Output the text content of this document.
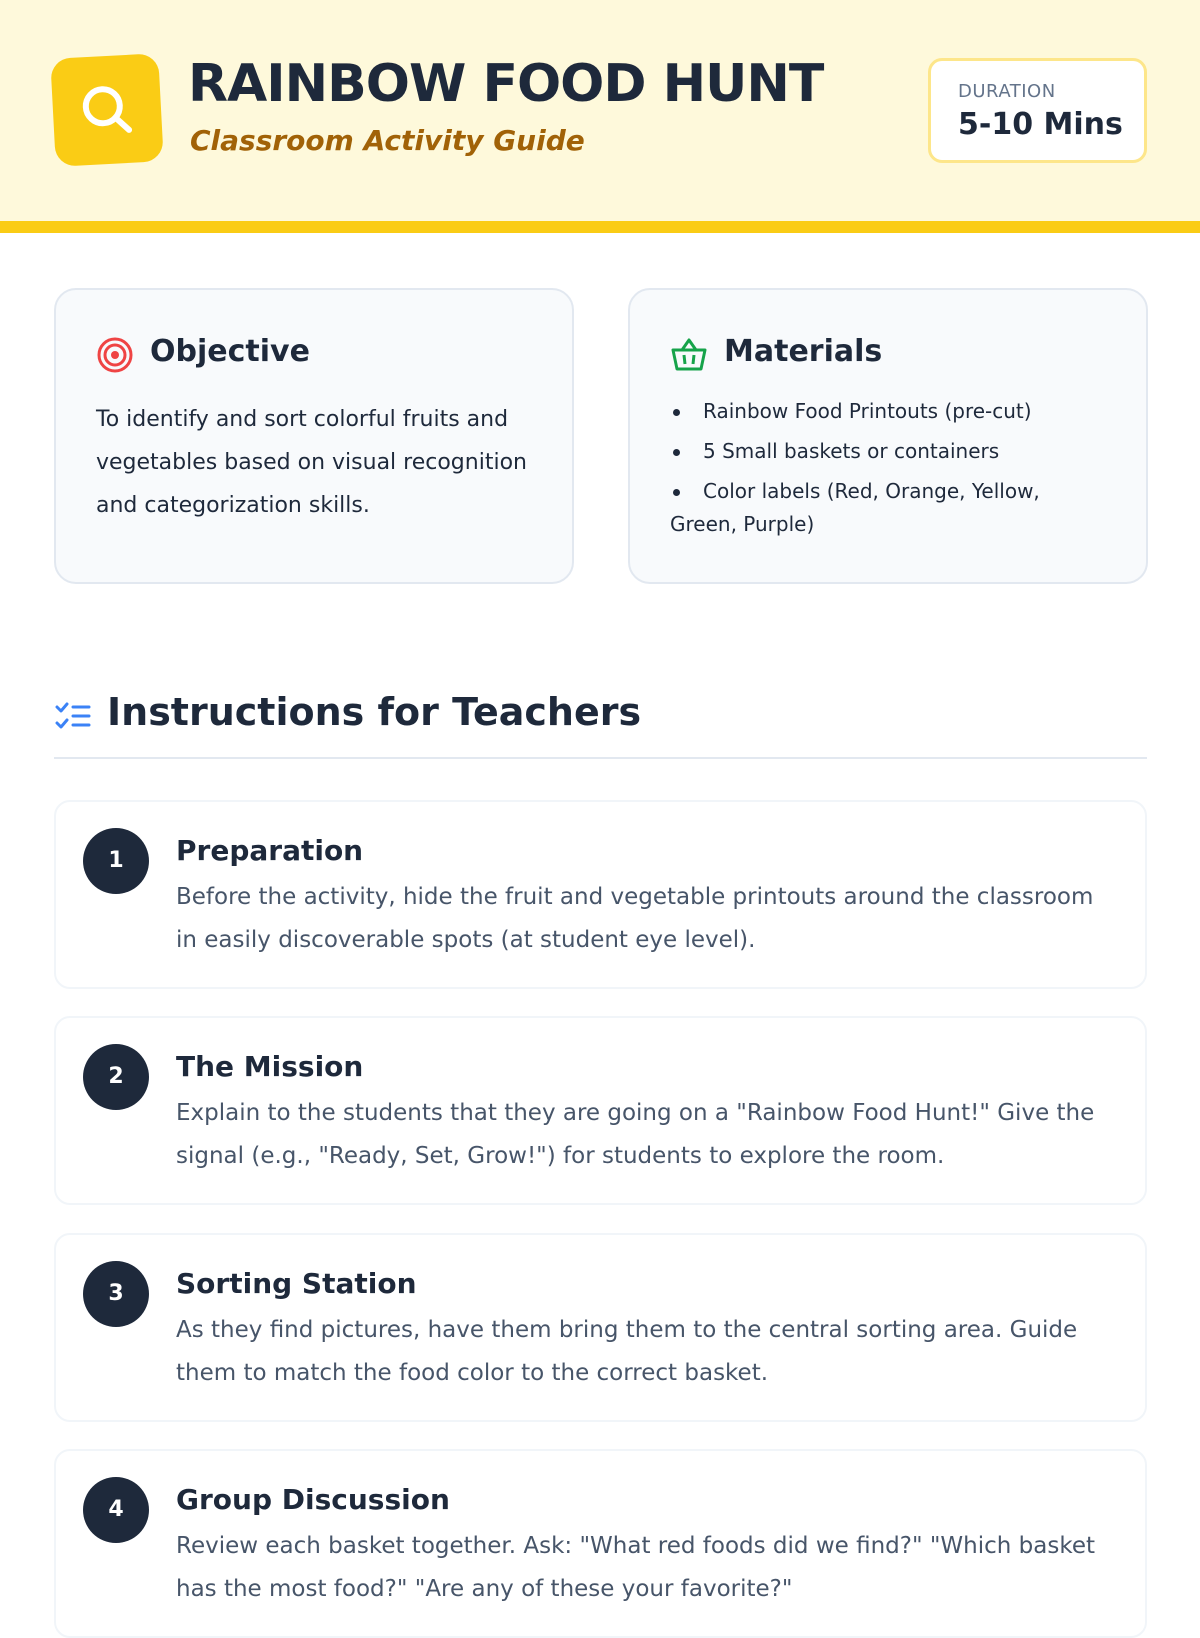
RAINBOW FOOD HUNT
Classroom Activity Guide
DURATION
5-10 Mins
Objective
To identify and sort colorful fruits and vegetables based on visual recognition and categorization skills.
Materials
Rainbow Food Printouts (pre-cut)
5 Small baskets or containers
Color labels (Red, Orange, Yellow, Green, Purple)
Instructions for Teachers
1	Preparation
Before the activity, hide the fruit and vegetable printouts around the classroom in easily discoverable spots (at student eye level).
2	The Mission
Explain to the students that they are going on a "Rainbow Food Hunt!" Give the signal (e.g., "Ready, Set, Grow!") for students to explore the room.
3	Sorting Station
As they find pictures, have them bring them to the central sorting area. Guide them to match the food color to the correct basket.
4	Group Discussion
Review each basket together. Ask: "What red foods did we find?" "Which basket has the most food?" "Are any of these your favorite?"
